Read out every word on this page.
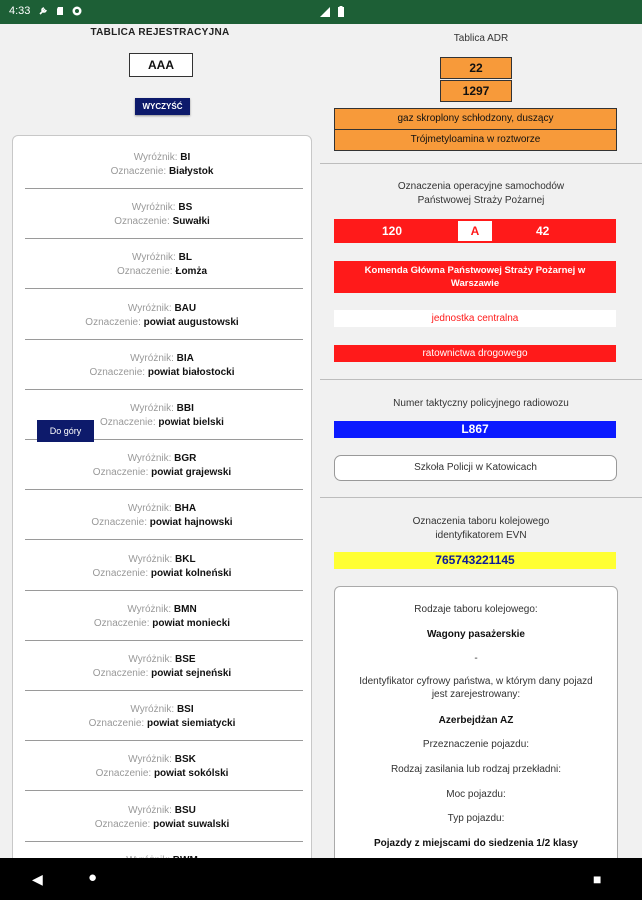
4:33

TABLICA REJESTRACYJNA
AAA
WYCZYŚĆ
Do góry
Wyróżnik: BI
Oznaczenie: Białystok
Wyróżnik: BS
Oznaczenie: Suwałki
Wyróżnik: BL
Oznaczenie: Łomża
Wyróżnik: BAU
Oznaczenie: powiat augustowski
Wyróżnik: BIA
Oznaczenie: powiat białostocki
Wyróżnik: BBI
Oznaczenie: powiat bielski
Wyróżnik: BGR
Oznaczenie: powiat grajewski
Wyróżnik: BHA
Oznaczenie: powiat hajnowski
Wyróżnik: BKL
Oznaczenie: powiat kolneński
Wyróżnik: BMN
Oznaczenie: powiat moniecki
Wyróżnik: BSE
Oznaczenie: powiat sejneński
Wyróżnik: BSI
Oznaczenie: powiat siemiatycki
Wyróżnik: BSK
Oznaczenie: powiat sokólski
Wyróżnik: BSU
Oznaczenie: powiat suwalski
Tablica ADR
22
1297
gaz skroplony schłodzony, duszący
Trójmetyloamina w roztworze
Oznaczenia operacyjne samochodów
Państwowej Straży Pożarnej
120	A	42
Komenda Główna Państwowej Straży Pożarnej w
Warszawie
jednostka centralna
ratownictwa drogowego
Numer taktyczny policyjnego radiowozu
L867
Szkoła Policji w Katowicach
Oznaczenia taboru kolejowego
identyfikatorem EVN
765743221145
Rodzaje taboru kolejowego:
Wagony pasażerskie
-
Identyfikator cyfrowy państwa, w którym dany pojazd
jest zarejestrowany:
Azerbejdżan AZ
Przeznaczenie pojazdu:
Rodzaj zasilania lub rodzaj przekładni:
Moc pojazdu:
Typ pojazdu:
Pojazdy z miejscami do siedzenia 1/2 klasy
◀	●	■
